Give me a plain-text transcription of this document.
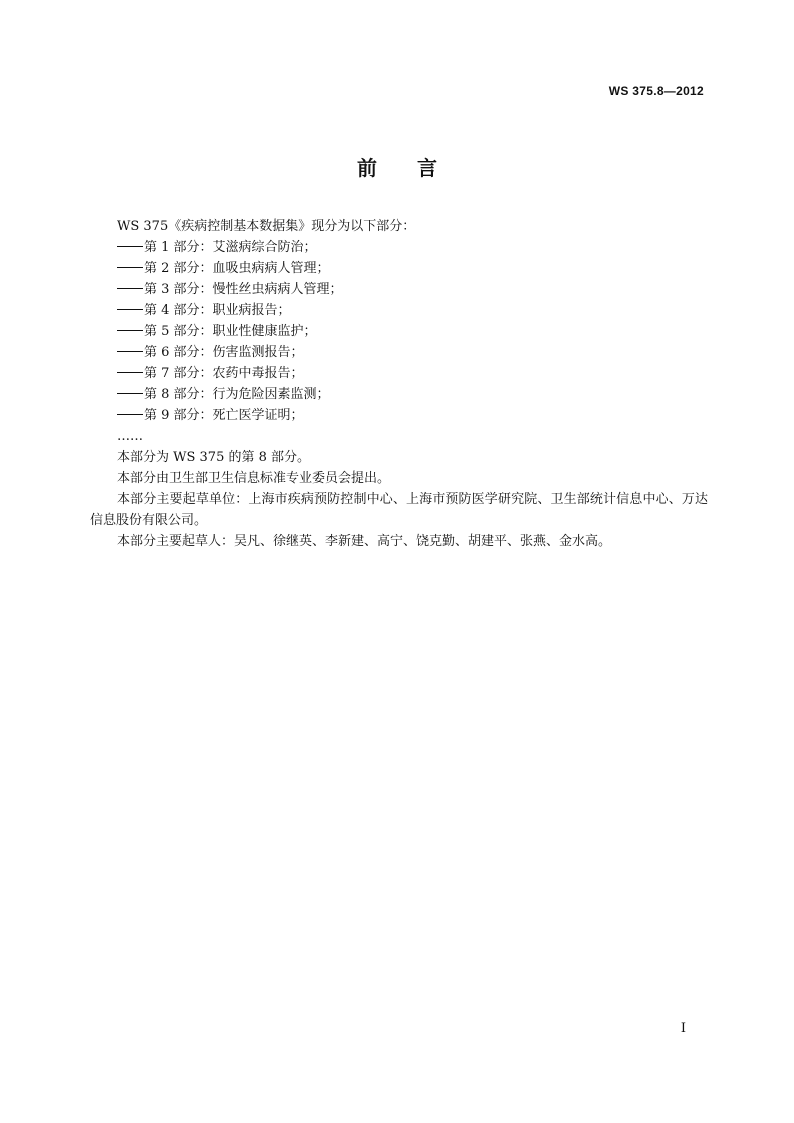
WS 375.8—2012
前言
WS 375《疾病控制基本数据集》现分为以下部分：
第 1 部分：艾滋病综合防治；
第 2 部分：血吸虫病病人管理；
第 3 部分：慢性丝虫病病人管理；
第 4 部分：职业病报告；
第 5 部分：职业性健康监护；
第 6 部分：伤害监测报告；
第 7 部分：农药中毒报告；
第 8 部分：行为危险因素监测；
第 9 部分：死亡医学证明；
……
本部分为 WS 375 的第 8 部分。
本部分由卫生部卫生信息标准专业委员会提出。
本部分主要起草单位：上海市疾病预防控制中心、上海市预防医学研究院、卫生部统计信息中心、万达信息股份有限公司。
本部分主要起草人：吴凡、徐继英、李新建、高宁、饶克勤、胡建平、张燕、金水高。
I
